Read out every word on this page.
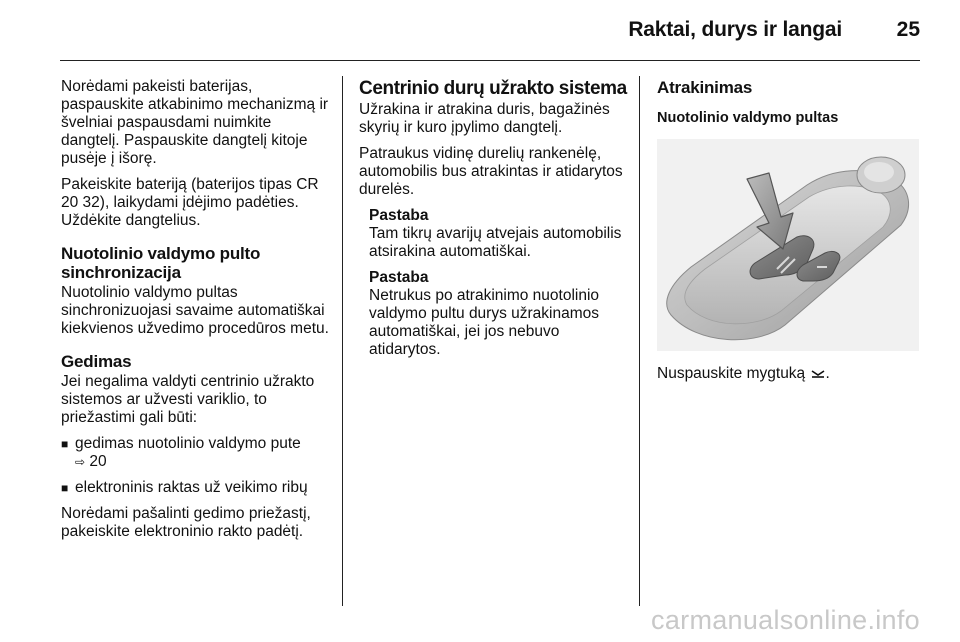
Raktai, durys ir langai	25

Norėdami pakeisti baterijas, paspauskite atkabinimo mechanizmą ir švelniai paspausdami nuimkite dangtelį. Paspauskite dangtelį kitoje pusėje į išorę.

Pakeiskite bateriją (baterijos tipas CR 20 32), laikydami įdėjimo padėties. Uždėkite dangtelius.

Nuotolinio valdymo pulto sinchronizacija

Nuotolinio valdymo pultas sinchronizuojasi savaime automatiškai kiekvienos užvedimo procedūros metu.

Gedimas

Jei negalima valdyti centrinio užrakto sistemos ar užvesti variklio, to priežastimi gali būti:

■ gedimas nuotolinio valdymo pute
⇨ 20
■ elektroninis raktas už veikimo ribų

Norėdami pašalinti gedimo priežastį, pakeiskite elektroninio rakto padėtį.

Centrinio durų užrakto sistema

Užrakina ir atrakina duris, bagažinės skyrių ir kuro įpylimo dangtelį.

Patraukus vidinę durelių rankenėlę, automobilis bus atrakintas ir atidarytos durelės.

Pastaba

Tam tikrų avarijų atvejais automobilis atsirakina automatiškai.

Pastaba

Netrukus po atrakinimo nuotolinio valdymo pultu durys užrakinamos automatiškai, jei jos nebuvo atidarytos.

Atrakinimas
Nuotolinio valdymo pultas

Nuspauskite mygtuką .

carmanualsonline.info
